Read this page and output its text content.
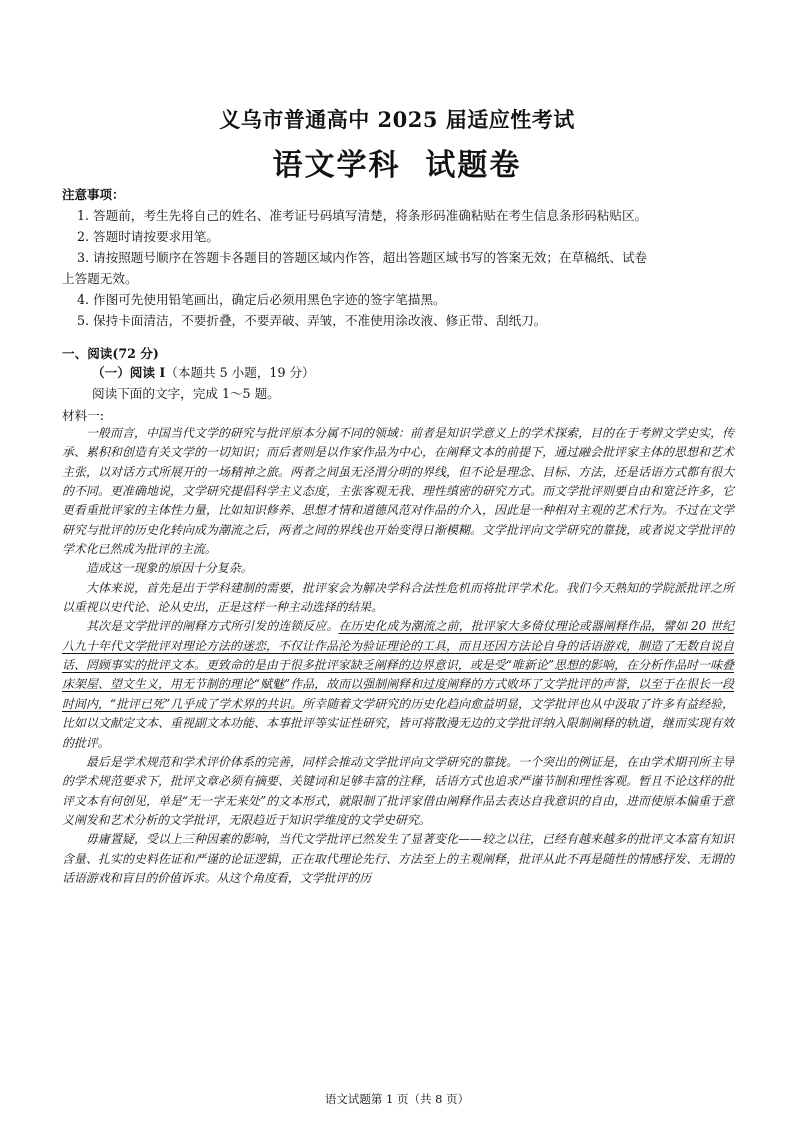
义乌市普通高中 2025 届适应性考试
语文学科  试题卷
注意事项：
1. 答题前，考生先将自己的姓名、准考证号码填写清楚，将条形码准确粘贴在考生信息条形码粘贴区。
2. 答题时请按要求用笔。
3. 请按照题号顺序在答题卡各题目的答题区域内作答，超出答题区域书写的答案无效；在草稿纸、试卷
上答题无效。
4. 作图可先使用铅笔画出，确定后必须用黑色字迹的签字笔描黑。
5. 保持卡面清洁，不要折叠，不要弄破、弄皱，不准使用涂改液、修正带、刮纸刀。
一、阅读(72 分)
（一）阅读 I（本题共 5 小题，19 分）
阅读下面的文字，完成 1～5 题。
材料一:

一般而言，中国当代文学的研究与批评原本分属不同的领域：前者是知识学意义上的学术探索，目的在于考辨文学史实，传承、累积和创造有关文学的一切知识；而后者则是以作家作品为中心，在阐释文本的前提下，通过融会批评家主体的思想和艺术主张，以对话方式所展开的一场精神之旅。两者之间虽无泾渭分明的界线，但不论是理念、目标、方法，还是话语方式都有很大的不同。更准确地说，文学研究提倡科学主义态度，主张客观无我、理性缜密的研究方式。而文学批评则要自由和宽泛许多，它更看重批评家的主体性力量，比如知识修养、思想才情和道德风范对作品的介入，因此是一种相对主观的艺术行为。不过在文学研究与批评的历史化转向成为潮流之后，两者之间的界线也开始变得日渐模糊。文学批评向文学研究的靠拢，或者说文学批评的学术化已然成为批评的主流。

造成这一现象的原因十分复杂。

大体来说，首先是出于学科建制的需要，批评家会为解决学科合法性危机而将批评学术化。我们今天熟知的学院派批评之所以重视以史代论、论从史出，正是这样一种主动选择的结果。

其次是文学批评的阐释方式所引发的连锁反应。在历史化成为潮流之前，批评家大多倚仗理论或器阐释作品，譬如 20 世纪八九十年代文学批评对理论方法的迷恋，不仅让作品沦为验证理论的工具，而且还因方法论自身的话语游戏，制造了无数自说自话、罔顾事实的批评文本。更致命的是由于很多批评家缺乏阐释的边界意识，或是受“唯新论”思想的影响，在分析作品时一味叠床架屋、望文生义，用无节制的理论“赋魅”作品，故而以强制阐释和过度阐释的方式败坏了文学批评的声誉，以至于在很长一段时间内，“批评已死”几乎成了学术界的共识。所幸随着文学研究的历史化趋向愈益明显，文学批评也从中汲取了许多有益经验，比如以文献定文本、重视副文本功能、本事批评等实证性研究，皆可将散漫无边的文学批评纳入限制阐释的轨道，继而实现有效的批评。

最后是学术规范和学术评价体系的完善，同样会推动文学批评向文学研究的靠拢。一个突出的例证是，在由学术期刊所主导的学术规范要求下，批评文章必须有摘要、关键词和足够丰富的注释，话语方式也追求严谨节制和理性客观。暂且不论这样的批评文本有何创见，单是“无一字无来处”的文本形式，就限制了批评家借由阐释作品去表达自我意识的自由，进而使原本偏重于意义阐发和艺术分析的文学批评，无限趋近于知识学维度的文学史研究。

毋庸置疑，受以上三种因素的影响，当代文学批评已然发生了显著变化——较之以往，已经有越来越多的批评文本富有知识含量、扎实的史料佐证和严谨的论证逻辑，正在取代理论先行、方法至上的主观阐释，批评从此不再是随性的情感抒发、无谓的话语游戏和盲目的价值诉求。从这个角度看，文学批评的历

语文试题第 1 页（共 8 页）
